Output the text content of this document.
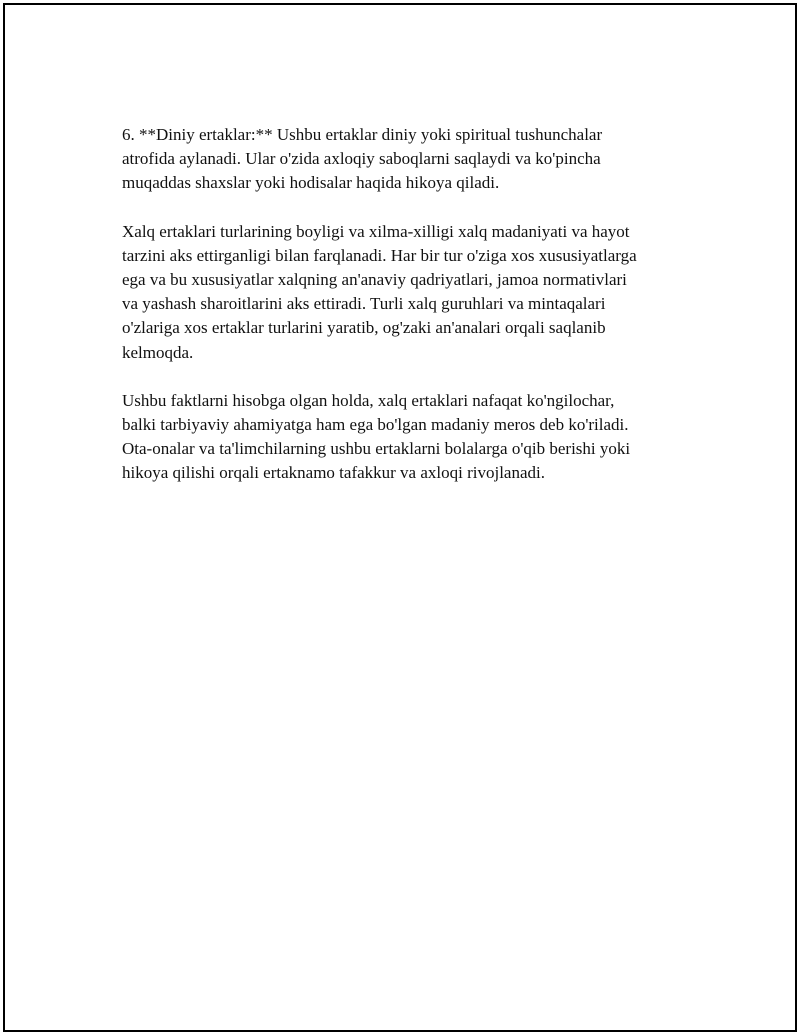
6. **Diniy ertaklar:** Ushbu ertaklar diniy yoki spiritual tushunchalar
atrofida aylanadi. Ular o'zida axloqiy saboqlarni saqlaydi va ko'pincha
muqaddas shaxslar yoki hodisalar haqida hikoya qiladi.

Xalq ertaklari turlarining boyligi va xilma-xilligi xalq madaniyati va hayot
tarzini aks ettirganligi bilan farqlanadi. Har bir tur o'ziga xos xususiyatlarga
ega va bu xususiyatlar xalqning an'anaviy qadriyatlari, jamoa normativlari
va yashash sharoitlarini aks ettiradi. Turli xalq guruhlari va mintaqalari
o'zlariga xos ertaklar turlarini yaratib, og'zaki an'analari orqali saqlanib
kelmoqda.

Ushbu faktlarni hisobga olgan holda, xalq ertaklari nafaqat ko'ngilochar,
balki tarbiyaviy ahamiyatga ham ega bo'lgan madaniy meros deb ko'riladi.
Ota-onalar va ta'limchilarning ushbu ertaklarni bolalarga o'qib berishi yoki
hikoya qilishi orqali ertaknamo tafakkur va axloqi rivojlanadi.
